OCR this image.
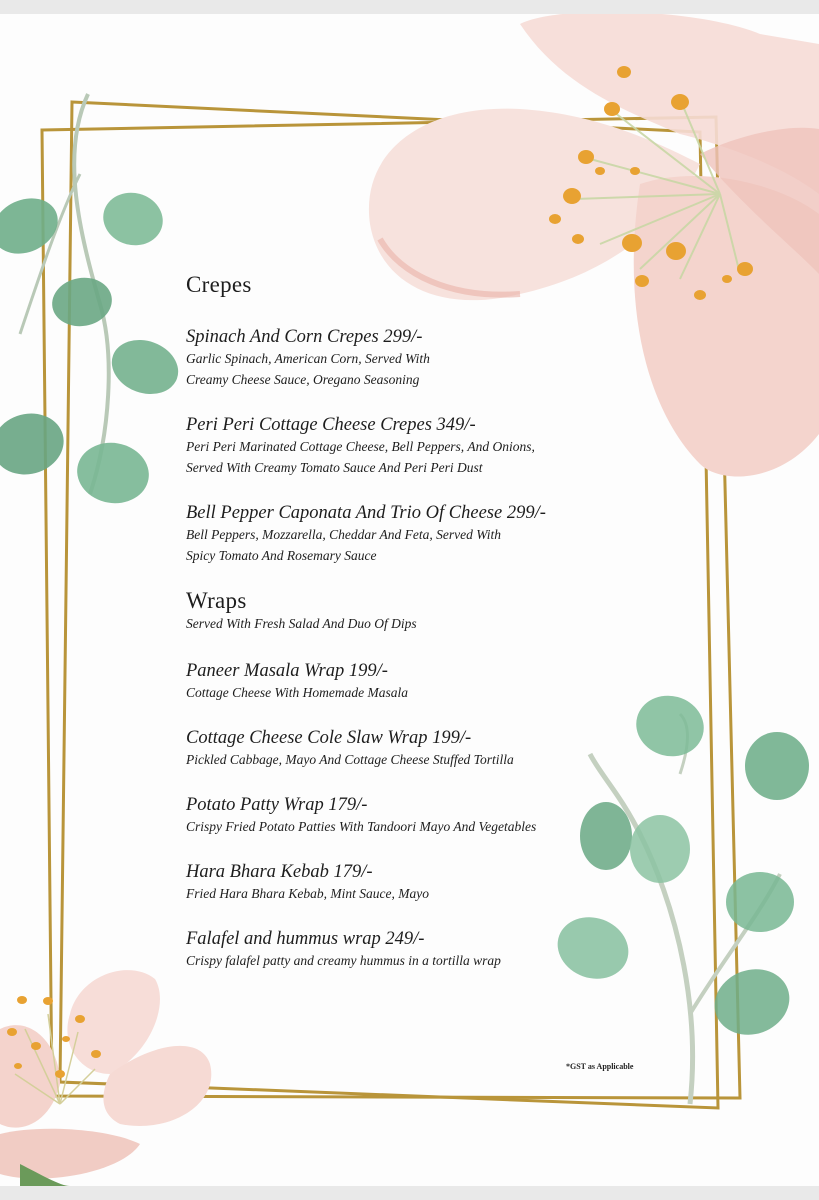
Crepes
Spinach And Corn Crepes 299/-
Garlic Spinach, American Corn, Served With
Creamy Cheese Sauce, Oregano Seasoning
Peri Peri Cottage Cheese Crepes 349/-
Peri Peri Marinated Cottage Cheese, Bell Peppers, And Onions,
Served With Creamy Tomato Sauce And Peri Peri Dust
Bell Pepper Caponata And Trio Of Cheese 299/-
Bell Peppers, Mozzarella, Cheddar And Feta, Served With
Spicy Tomato And Rosemary Sauce
Wraps
Served With Fresh Salad And Duo Of Dips
Paneer Masala Wrap 199/-
Cottage Cheese With Homemade Masala
Cottage Cheese Cole Slaw Wrap 199/-
Pickled Cabbage, Mayo And Cottage Cheese Stuffed Tortilla
Potato Patty Wrap 179/-
Crispy Fried Potato Patties With Tandoori Mayo And Vegetables
Hara Bhara Kebab 179/-
Fried Hara Bhara Kebab, Mint Sauce, Mayo
Falafel and hummus wrap 249/-
Crispy falafel patty and creamy hummus in a tortilla wrap
*GST as Applicable
